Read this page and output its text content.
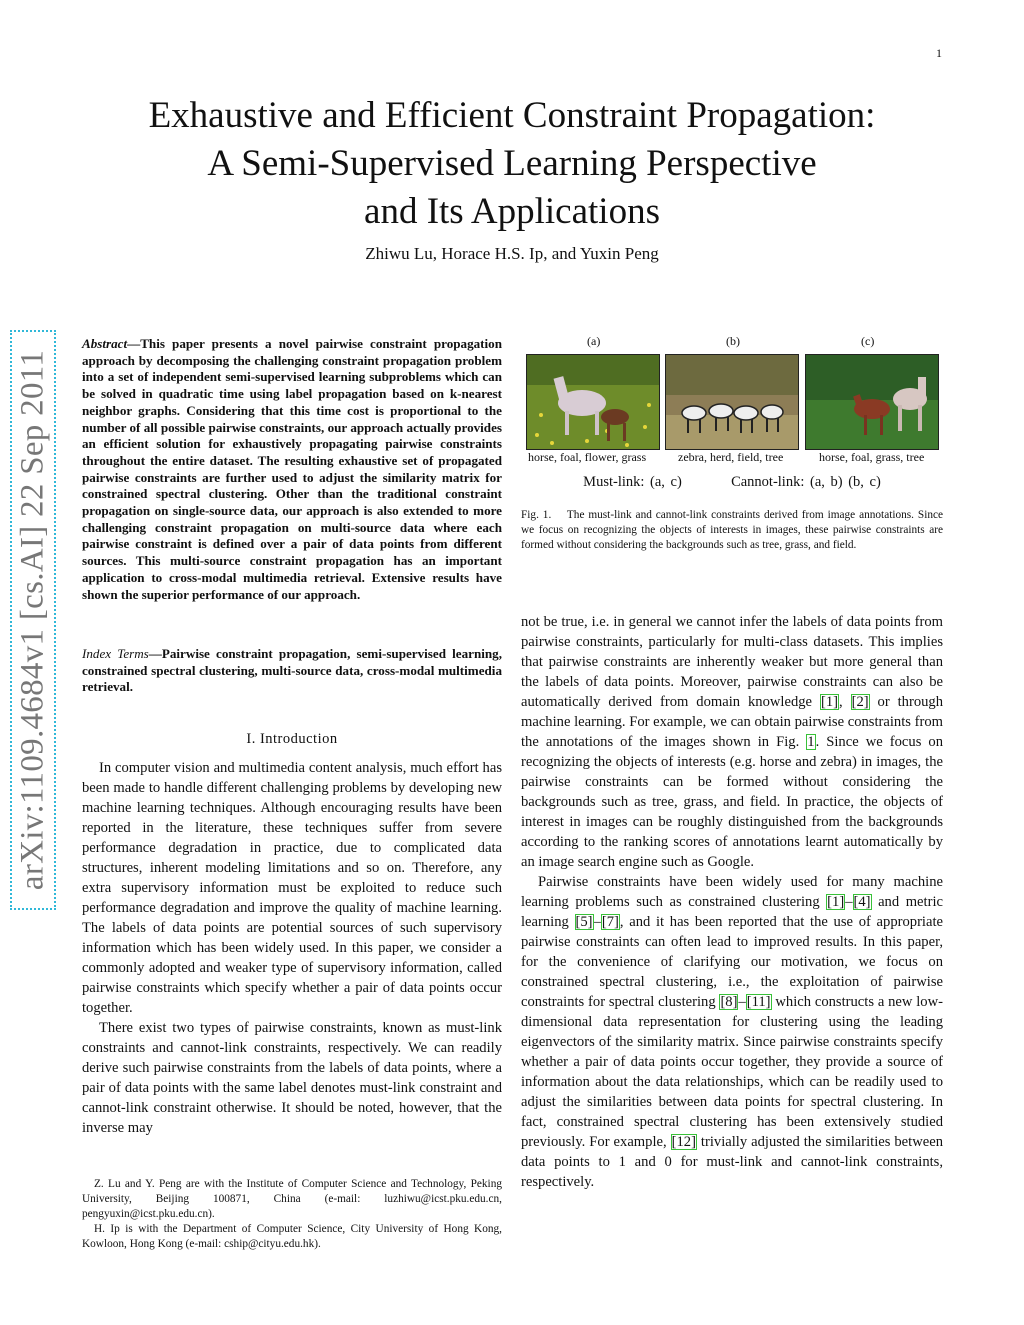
1
Exhaustive and Efficient Constraint Propagation:
A Semi-Supervised Learning Perspective
and Its Applications
Zhiwu Lu, Horace H.S. Ip, and Yuxin Peng
arXiv:1109.4684v1 [cs.AI] 22 Sep 2011
Abstract—This paper presents a novel pairwise constraint propagation approach by decomposing the challenging constraint propagation problem into a set of independent semi-supervised learning subproblems which can be solved in quadratic time using label propagation based on k-nearest neighbor graphs. Considering that this time cost is proportional to the number of all possible pairwise constraints, our approach actually provides an efficient solution for exhaustively propagating pairwise constraints throughout the entire dataset. The resulting exhaustive set of propagated pairwise constraints are further used to adjust the similarity matrix for constrained spectral clustering. Other than the traditional constraint propagation on single-source data, our approach is also extended to more challenging constraint propagation on multi-source data where each pairwise constraint is defined over a pair of data points from different sources. This multi-source constraint propagation has an important application to cross-modal multimedia retrieval. Extensive results have shown the superior performance of our approach.
Index Terms—Pairwise constraint propagation, semi-supervised learning, constrained spectral clustering, multi-source data, cross-modal multimedia retrieval.
I. Introduction

In computer vision and multimedia content analysis, much effort has been made to handle different challenging problems by developing new machine learning techniques. Although encouraging results have been reported in the literature, these techniques suffer from severe performance degradation in practice, due to complicated data structures, inherent modeling limitations and so on. Therefore, any extra supervisory information must be exploited to reduce such performance degradation and improve the quality of machine learning. The labels of data points are potential sources of such supervisory information which has been widely used. In this paper, we consider a commonly adopted and weaker type of supervisory information, called pairwise constraints which specify whether a pair of data points occur together.

There exist two types of pairwise constraints, known as must-link constraints and cannot-link constraints, respectively. We can readily derive such pairwise constraints from the labels of data points, where a pair of data points with the same label denotes must-link constraint and cannot-link constraint otherwise. It should be noted, however, that the inverse may

Z. Lu and Y. Peng are with the Institute of Computer Science and Technology, Peking University, Beijing 100871, China (e-mail: luzhiwu@icst.pku.edu.cn, pengyuxin@icst.pku.edu.cn).

H. Ip is with the Department of Computer Science, City University of Hong Kong, Kowloon, Hong Kong (e-mail: cship@cityu.edu.hk).

(a)	(b)	(c)
horse, foal, flower, grass	zebra, herd, field, tree	horse, foal, grass, tree
Must-link: (a, c)	Cannot-link: (a, b) (b, c)
Fig. 1. The must-link and cannot-link constraints derived from image annotations. Since we focus on recognizing the objects of interests in images, these pairwise constraints are formed without considering the backgrounds such as tree, grass, and field.

not be true, i.e. in general we cannot infer the labels of data points from pairwise constraints, particularly for multi-class datasets. This implies that pairwise constraints are inherently weaker but more general than the labels of data points. Moreover, pairwise constraints can also be automatically derived from domain knowledge [1], [2] or through machine learning. For example, we can obtain pairwise constraints from the annotations of the images shown in Fig. 1. Since we focus on recognizing the objects of interests (e.g. horse and zebra) in images, the pairwise constraints can be formed without considering the backgrounds such as tree, grass, and field. In practice, the objects of interest in images can be roughly distinguished from the backgrounds according to the ranking scores of annotations learnt automatically by an image search engine such as Google.

Pairwise constraints have been widely used for many machine learning problems such as constrained clustering [1]–[4] and metric learning [5]–[7], and it has been reported that the use of appropriate pairwise constraints can often lead to improved results. In this paper, for the convenience of clarifying our motivation, we focus on constrained spectral clustering, i.e., the exploitation of pairwise constraints for spectral clustering [8]–[11] which constructs a new low-dimensional data representation for clustering using the leading eigenvectors of the similarity matrix. Since pairwise constraints specify whether a pair of data points occur together, they provide a source of information about the data relationships, which can be readily used to adjust the similarities between data points for spectral clustering. In fact, constrained spectral clustering has been extensively studied previously. For example, [12] trivially adjusted the similarities between data points to 1 and 0 for must-link and cannot-link constraints, respectively.
